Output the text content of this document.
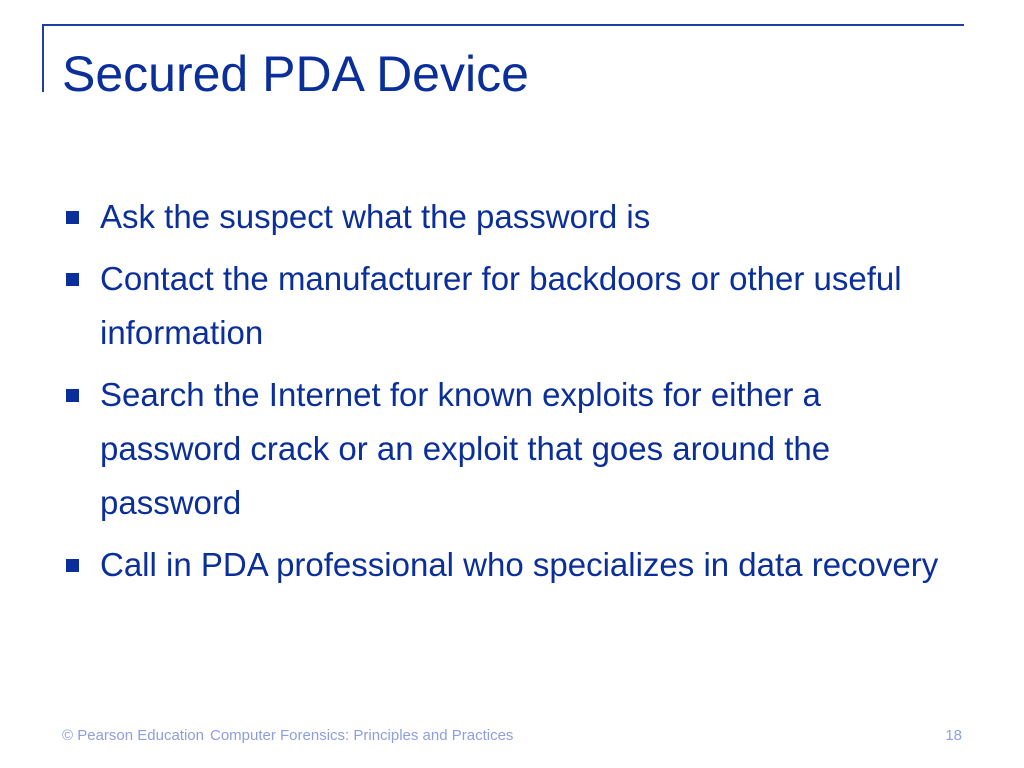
Secured PDA Device
Ask the suspect what the password is
Contact the manufacturer for backdoors or other useful information
Search the Internet for known exploits for either a password crack or an exploit that goes around the password
Call in PDA professional who specializes in data recovery
© Pearson Education Computer Forensics: Principles and Practices	18
